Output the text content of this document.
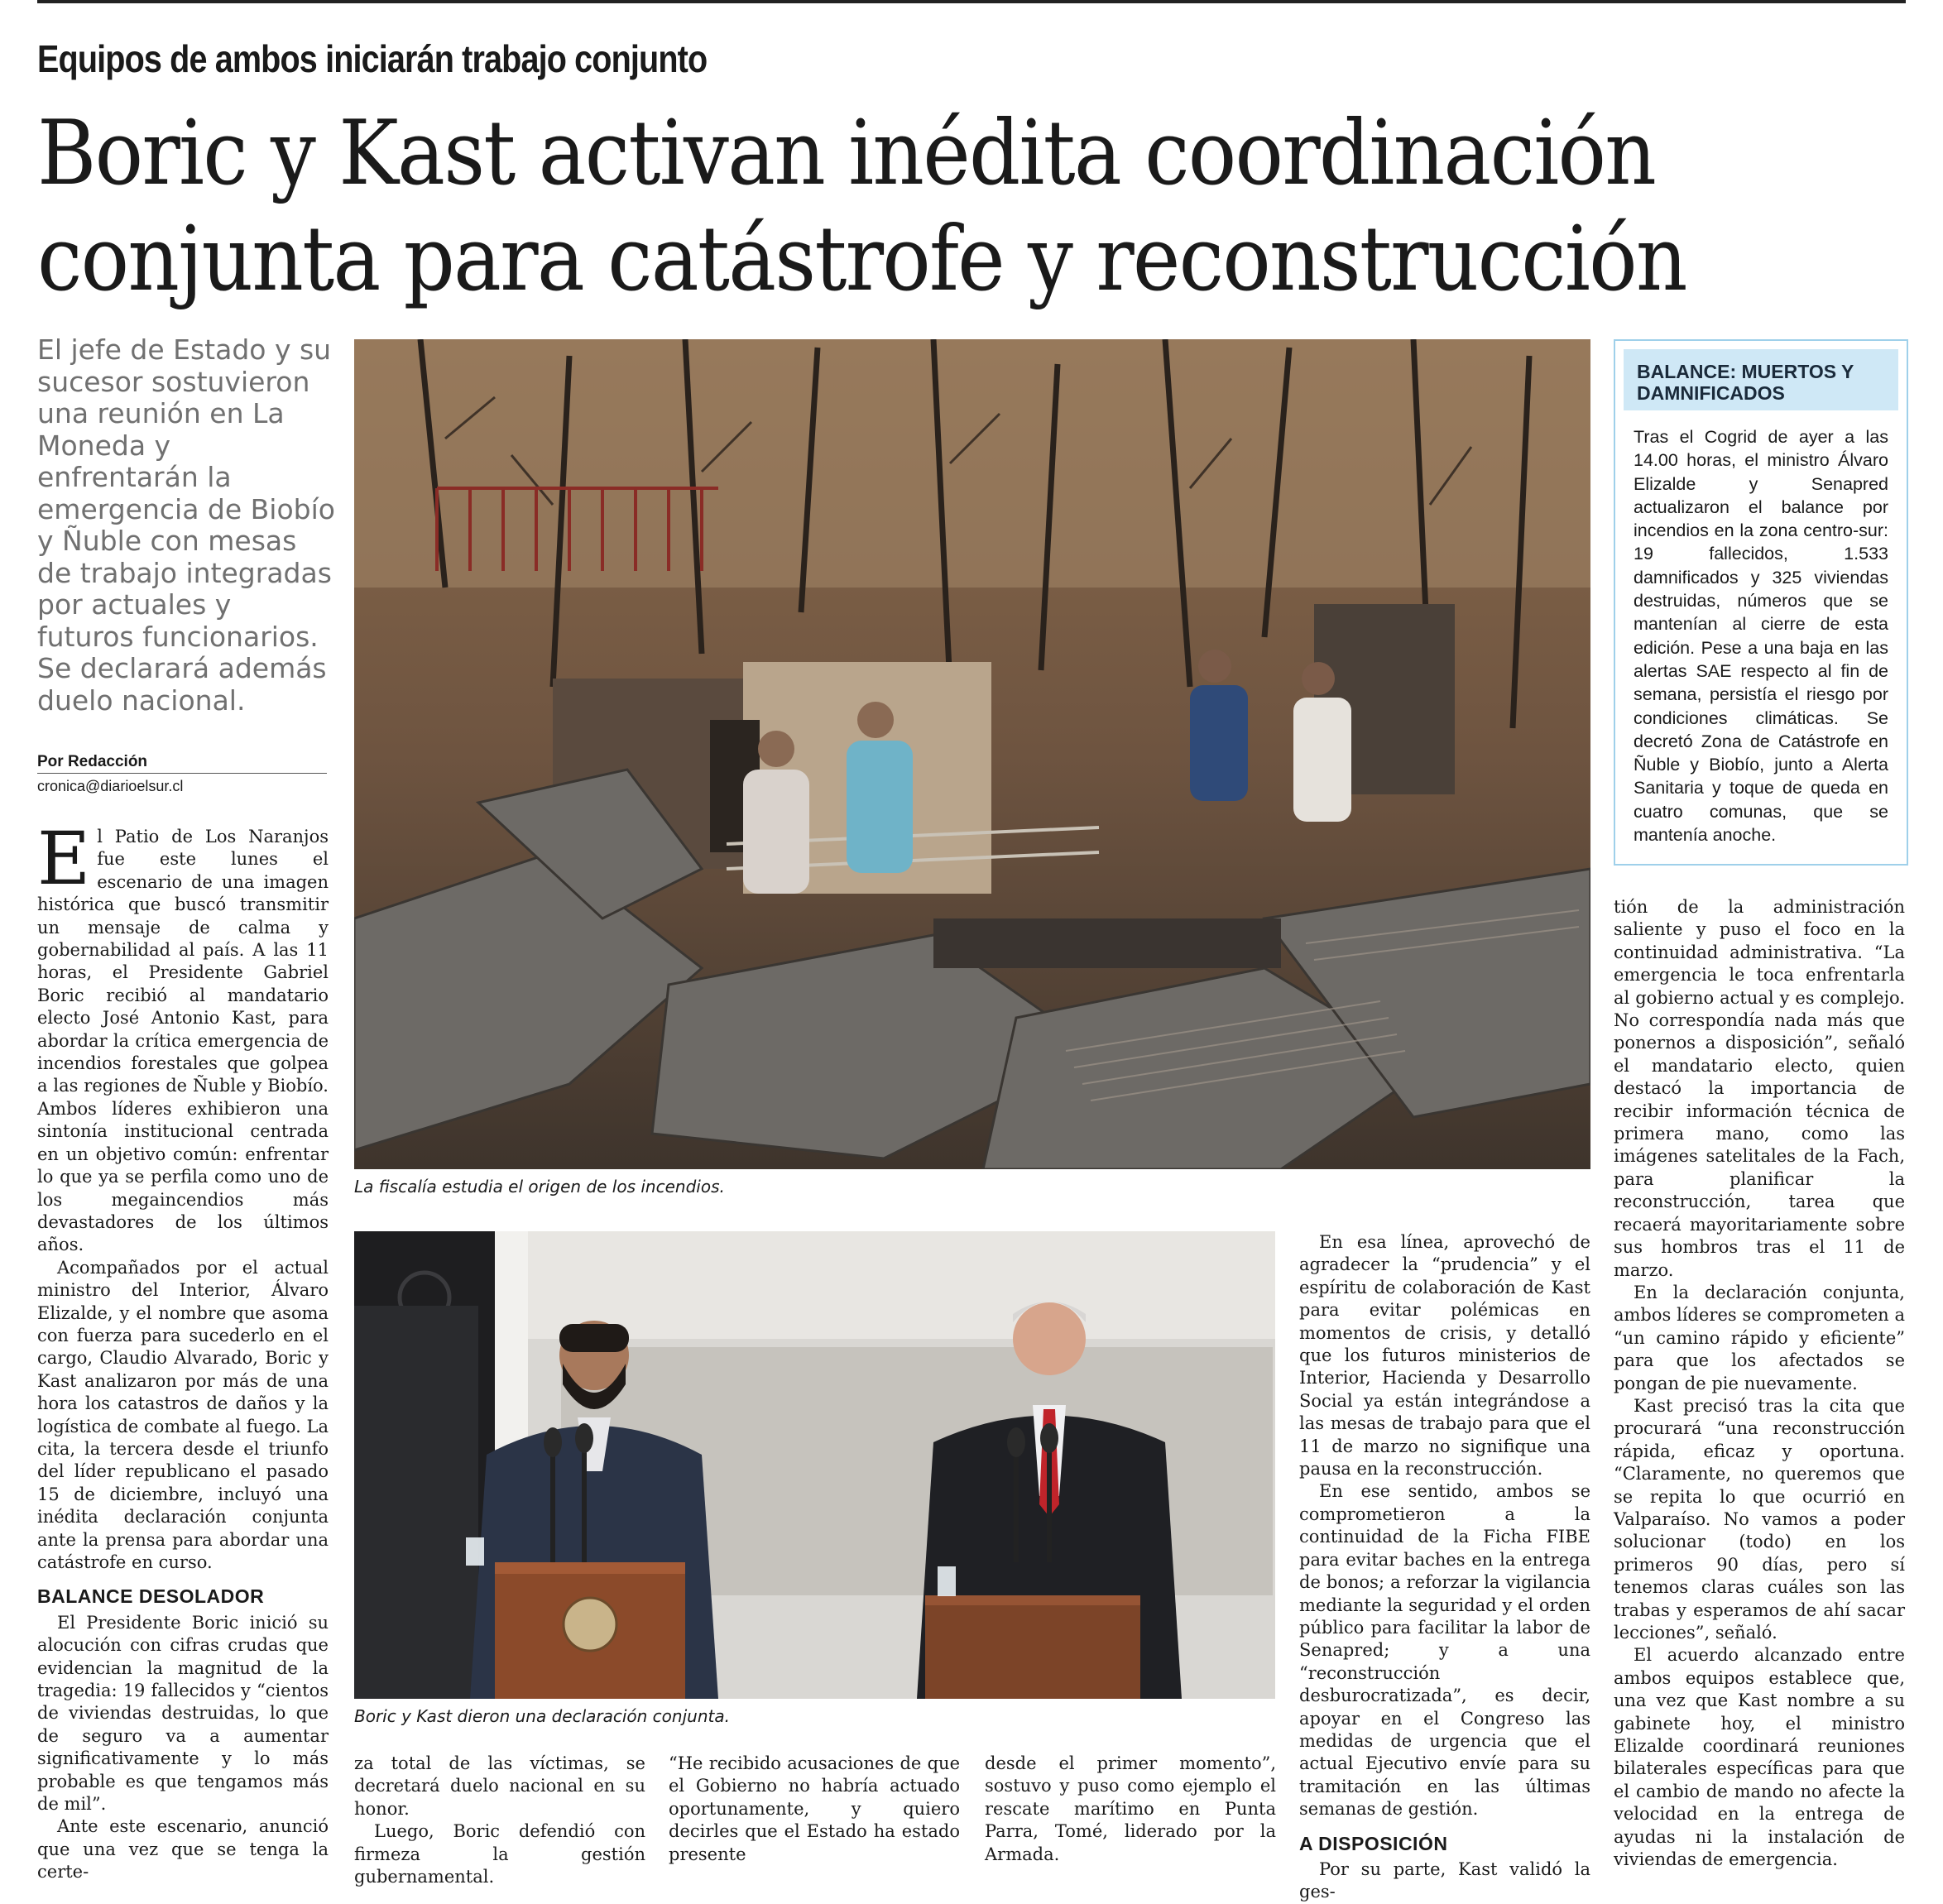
Equipos de ambos iniciarán trabajo conjunto
Boric y Kast activan inédita coordinación
conjunta para catástrofe y reconstrucción
El jefe de Estado y su sucesor sostuvieron una reunión en La Moneda y enfrentarán la emergencia de Biobío y Ñuble con mesas de trabajo integradas por actuales y futuros funcionarios. Se declarará además duelo nacional.
Por Redacción
cronica@diarioelsur.cl
La fiscalía estudia el origen de los incendios.
Boric y Kast dieron una declaración conjunta.
BALANCE: MUERTOS Y DAMNIFICADOS
Tras el Cogrid de ayer a las 14.00 horas, el ministro Álvaro Elizalde y Senapred actualizaron el balance por incendios en la zona centro-sur: 19 fallecidos, 1.533 damnificados y 325 viviendas destruidas, números que se mantenían al cierre de esta edición. Pese a una baja en las alertas SAE respecto al fin de semana, persistía el riesgo por condiciones climáticas. Se decretó Zona de Catástrofe en Ñuble y Biobío, junto a Alerta Sanitaria y toque de queda en cuatro comunas, que se mantenía anoche.

El Patio de Los Naranjos fue este lunes el escenario de una imagen histórica que buscó transmitir un mensaje de calma y gobernabilidad al país. A las 11 horas, el Presidente Gabriel Boric recibió al mandatario electo José Antonio Kast, para abordar la crítica emergencia de incendios forestales que golpea a las regiones de Ñuble y Biobío. Ambos líderes exhibieron una sintonía institucional centrada en un objetivo común: enfrentar lo que ya se perfila como uno de los megaincendios más devastadores de los últimos años.

Acompañados por el actual ministro del Interior, Álvaro Elizalde, y el nombre que asoma con fuerza para sucederlo en el cargo, Claudio Alvarado, Boric y Kast analizaron por más de una hora los catastros de daños y la logística de combate al fuego. La cita, la tercera desde el triunfo del líder republicano el pasado 15 de diciembre, incluyó una inédita declaración conjunta ante la prensa para abordar una catástrofe en curso.

BALANCE DESOLADOR

El Presidente Boric inició su alocución con cifras crudas que evidencian la magnitud de la tragedia: 19 fallecidos y “cientos de viviendas destruidas, lo que de seguro va a aumentar significativamente y lo más probable es que tengamos más de mil”.

Ante este escenario, anunció que una vez que se tenga la certe-

za total de las víctimas, se decretará duelo nacional en su honor.

Luego, Boric defendió con firmeza la gestión gubernamental.

“He recibido acusaciones de que el Gobierno no habría actuado oportunamente, y quiero decirles que el Estado ha estado presente

desde el primer momento”, sostuvo y puso como ejemplo el rescate marítimo en Punta Parra, Tomé, liderado por la Armada.

En esa línea, aprovechó de agradecer la “prudencia” y el espíritu de colaboración de Kast para evitar polémicas en momentos de crisis, y detalló que los futuros ministerios de Interior, Hacienda y Desarrollo Social ya están integrándose a las mesas de trabajo para que el 11 de marzo no signifique una pausa en la reconstrucción.

En ese sentido, ambos se comprometieron a la continuidad de la Ficha FIBE para evitar baches en la entrega de bonos; a reforzar la vigilancia mediante la seguridad y el orden público para facilitar la labor de Senapred; y a una “reconstrucción desburocratizada”, es decir, apoyar en el Congreso las medidas de urgencia que el actual Ejecutivo envíe para su tramitación en las últimas semanas de gestión.

A DISPOSICIÓN

Por su parte, Kast validó la ges-

tión de la administración saliente y puso el foco en la continuidad administrativa. “La emergencia le toca enfrentarla al gobierno actual y es complejo. No correspondía nada más que ponernos a disposición”, señaló el mandatario electo, quien destacó la importancia de recibir información técnica de primera mano, como las imágenes satelitales de la Fach, para planificar la reconstrucción, tarea que recaerá mayoritariamente sobre sus hombros tras el 11 de marzo.

En la declaración conjunta, ambos líderes se comprometen a “un camino rápido y eficiente” para que los afectados se pongan de pie nuevamente.

Kast precisó tras la cita que procurará “una reconstrucción rápida, eficaz y oportuna. “Claramente, no queremos que se repita lo que ocurrió en Valparaíso. No vamos a poder solucionar (todo) en los primeros 90 días, pero sí tenemos claras cuáles son las trabas y esperamos de ahí sacar lecciones”, señaló.

El acuerdo alcanzado entre ambos equipos establece que, una vez que Kast nombre a su gabinete hoy, el ministro Elizalde coordinará reuniones bilaterales específicas para que el cambio de mando no afecte la velocidad en la entrega de ayudas ni la instalación de viviendas de emergencia.
